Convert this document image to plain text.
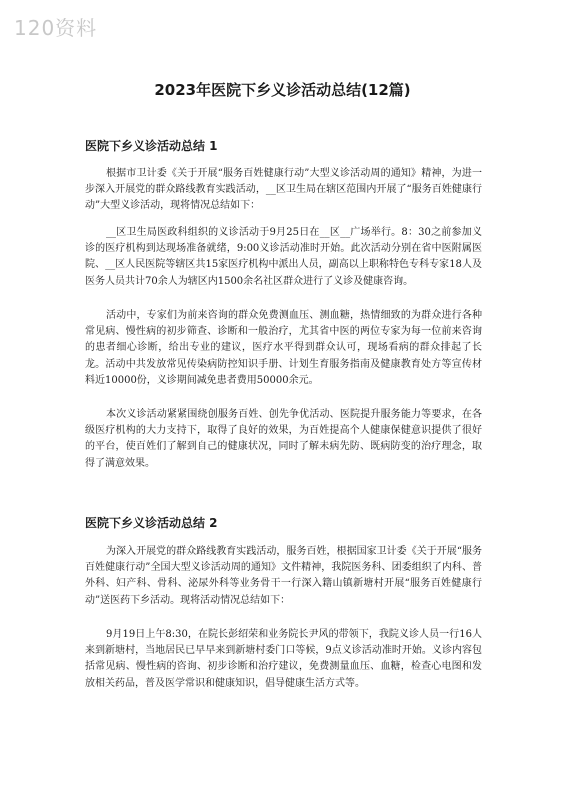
120资料
2023年医院下乡义诊活动总结(12篇)
医院下乡义诊活动总结 1

根据市卫计委《关于开展“服务百姓健康行动”大型义诊活动周的通知》精神，为进一步深入开展党的群众路线教育实践活动，__区卫生局在辖区范围内开展了“服务百姓健康行动”大型义诊活动，现将情况总结如下：

__区卫生局医政科组织的义诊活动于9月25日在__区__广场举行。8：30之前参加义诊的医疗机构到达现场准备就绪，9:00义诊活动准时开始。此次活动分别在省中医附属医院、__区人民医院等辖区共15家医疗机构中派出人员，副高以上职称特色专科专家18人及医务人员共计70余人为辖区内1500余名社区群众进行了义诊及健康咨询。

活动中，专家们为前来咨询的群众免费测血压、测血糖，热情细致的为群众进行各种常见病、慢性病的初步筛查、诊断和一般治疗，尤其省中医的两位专家为每一位前来咨询的患者细心诊断，给出专业的建议，医疗水平得到群众认可，现场看病的群众排起了长龙。活动中共发放常见传染病防控知识手册、计划生育服务指南及健康教育处方等宣传材料近10000份，义诊期间减免患者费用50000余元。

本次义诊活动紧紧围绕创服务百姓、创先争优活动、医院提升服务能力等要求，在各级医疗机构的大力支持下，取得了良好的效果，为百姓提高个人健康保健意识提供了很好的平台，使百姓们了解到自己的健康状况，同时了解未病先防、既病防变的治疗理念，取得了满意效果。

医院下乡义诊活动总结 2

为深入开展党的群众路线教育实践活动，服务百姓，根据国家卫计委《关于开展“服务百姓健康行动”全国大型义诊活动周的通知》文件精神，我院医务科、团委组织了内科、普外科、妇产科、骨科、泌尿外科等业务骨干一行深入籍山镇新塘村开展“服务百姓健康行动”送医药下乡活动。现将活动情况总结如下：

9月19日上午8:30，在院长彭绍荣和业务院长尹风的带领下，我院义诊人员一行16人来到新塘村，当地居民已早早来到新塘村委门口等候，9点义诊活动准时开始。义诊内容包括常见病、慢性病的咨询、初步诊断和治疗建议，免费测量血压、血糖，检查心电图和发放相关药品，普及医学常识和健康知识，倡导健康生活方式等。
